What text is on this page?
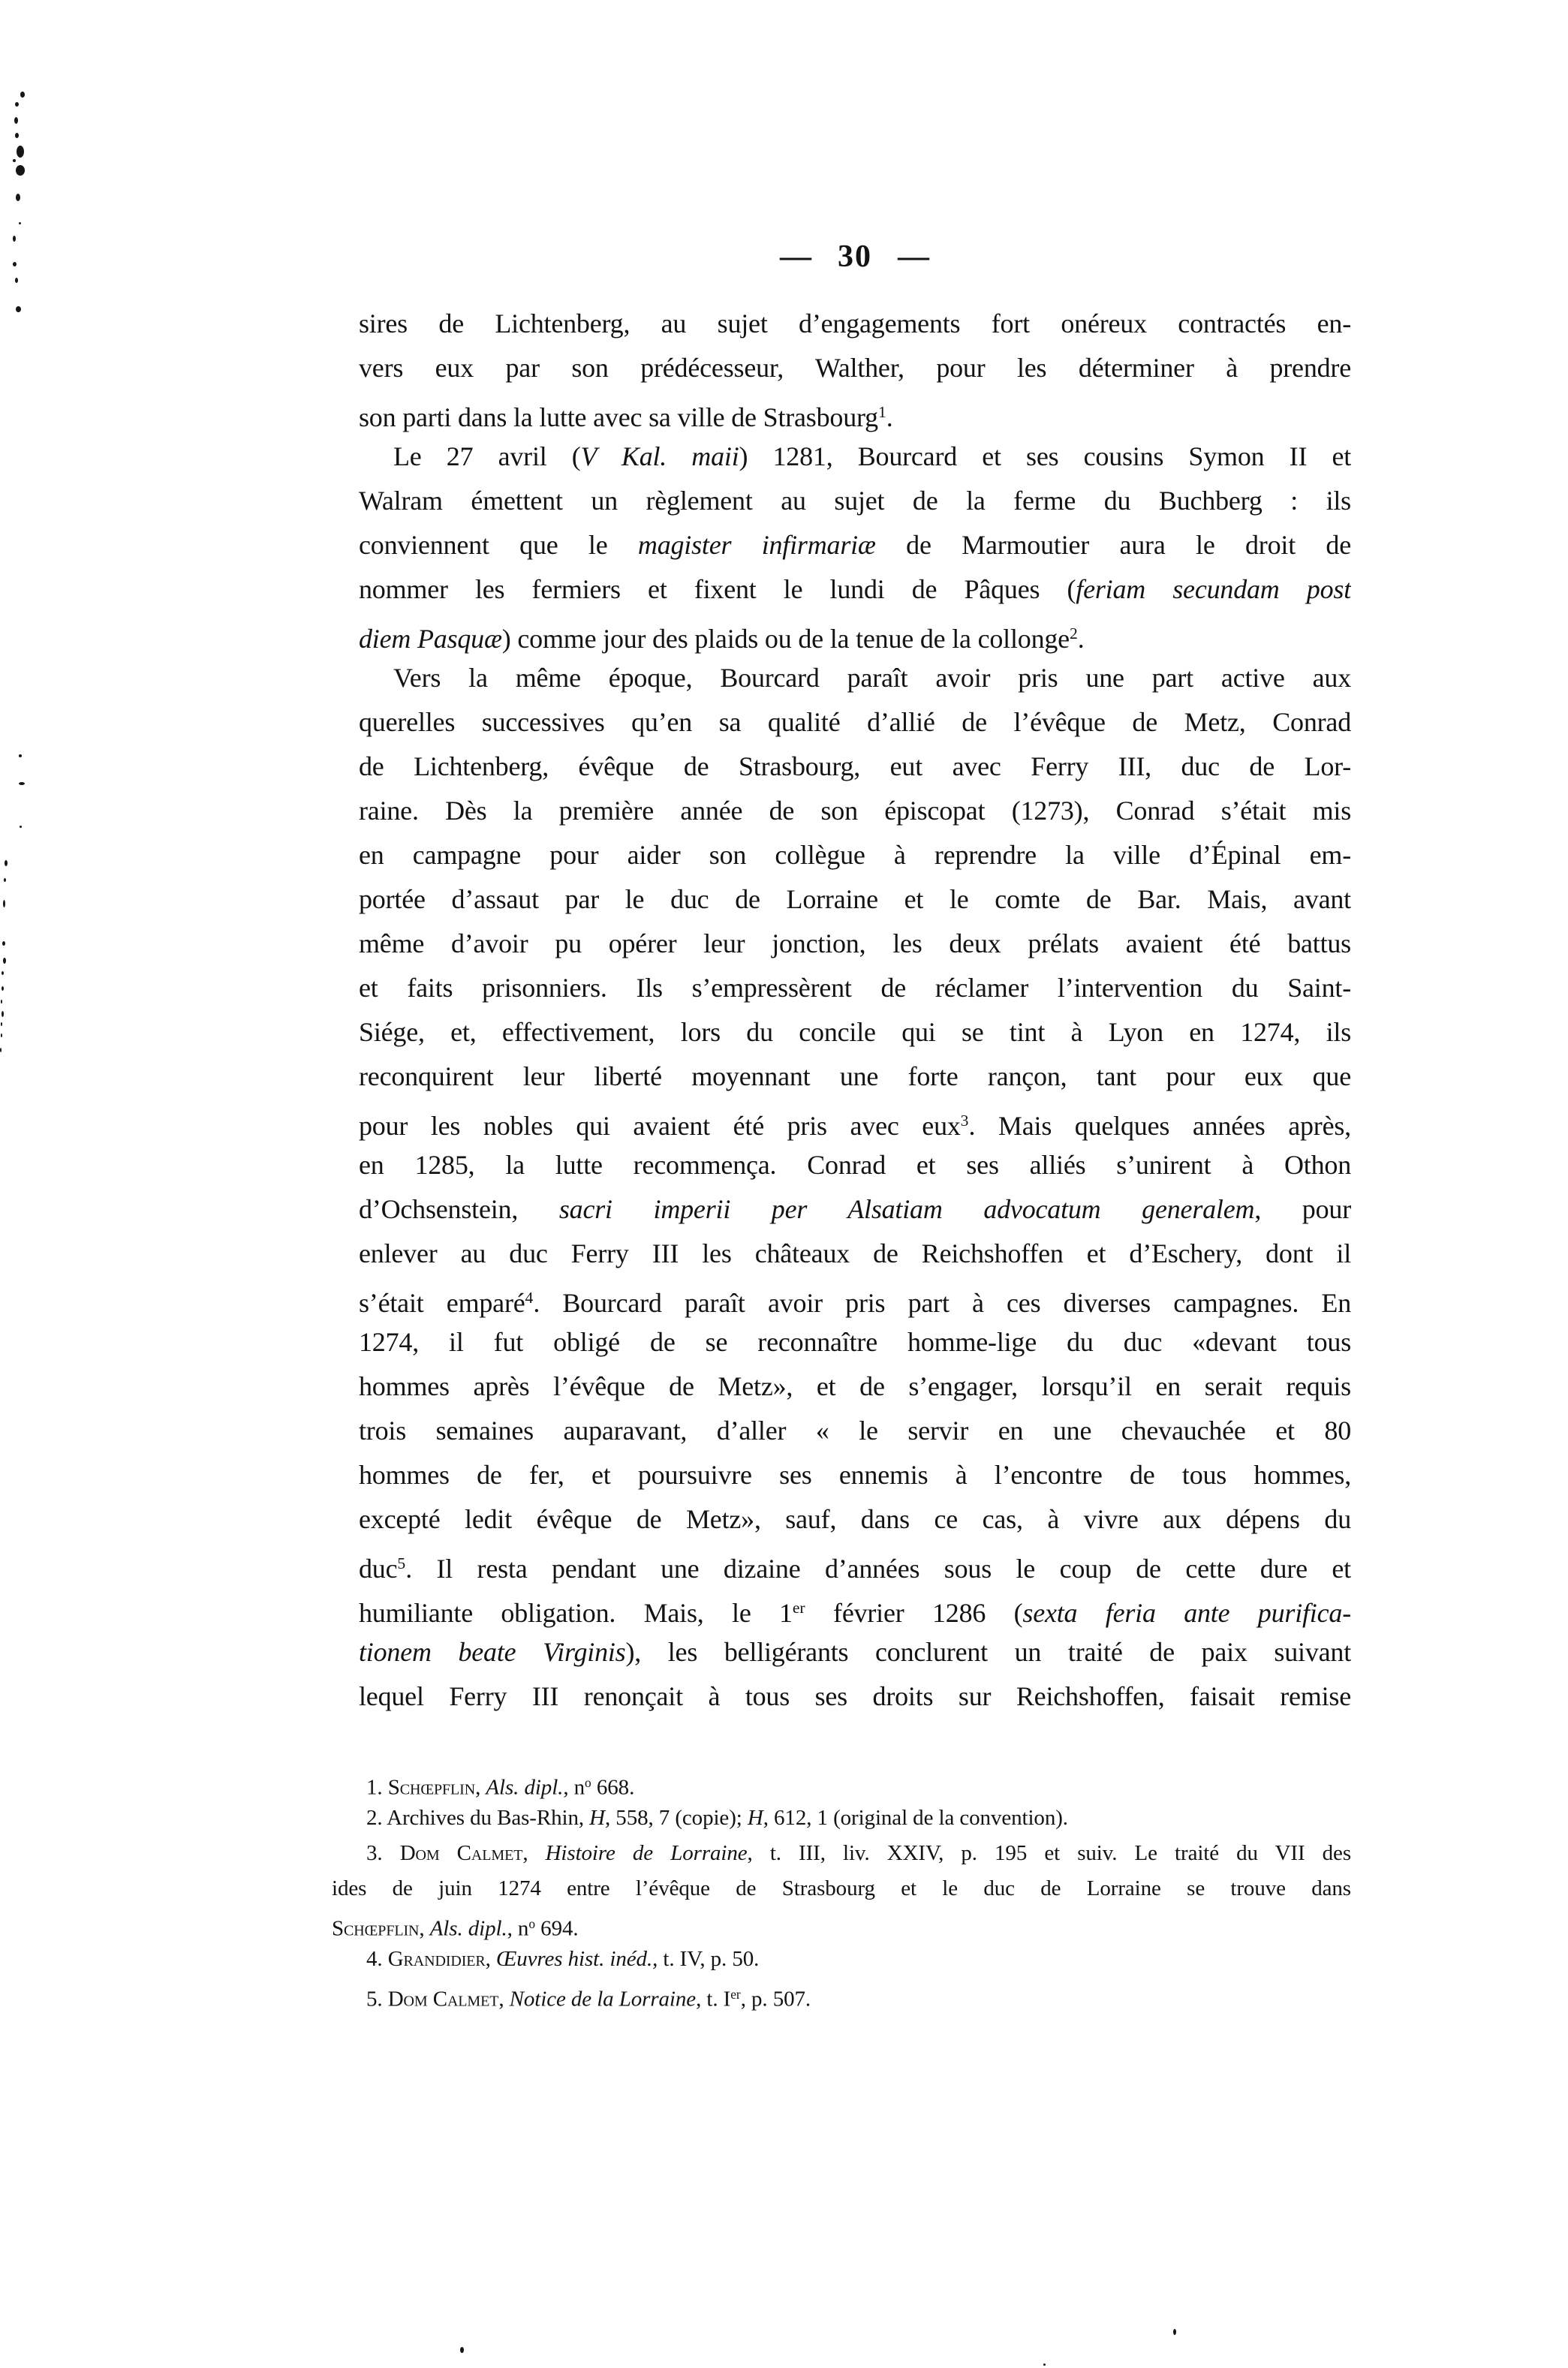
— 30 —
sires de Lichtenberg, au sujet d’engagements fort onéreux contractés en-
vers eux par son prédécesseur, Walther, pour les déterminer à prendre
son parti dans la lutte avec sa ville de Strasbourg$^1$.
Le 27 avril (V Kal. maii) 1281, Bourcard et ses cousins Symon II et
Walram émettent un règlement au sujet de la ferme du Buchberg : ils
conviennent que le magister infirmariæ de Marmoutier aura le droit de
nommer les fermiers et fixent le lundi de Pâques (feriam secundam post
diem Pasquæ) comme jour des plaids ou de la tenue de la collonge$^2$.
Vers la même époque, Bourcard paraît avoir pris une part active aux
querelles successives qu’en sa qualité d’allié de l’évêque de Metz, Conrad
de Lichtenberg, évêque de Strasbourg, eut avec Ferry III, duc de Lor-
raine. Dès la première année de son épiscopat (1273), Conrad s’était mis
en campagne pour aider son collègue à reprendre la ville d’Épinal em-
portée d’assaut par le duc de Lorraine et le comte de Bar. Mais, avant
même d’avoir pu opérer leur jonction, les deux prélats avaient été battus
et faits prisonniers. Ils s’empressèrent de réclamer l’intervention du Saint-
Siége, et, effectivement, lors du concile qui se tint à Lyon en 1274, ils
reconquirent leur liberté moyennant une forte rançon, tant pour eux que
pour les nobles qui avaient été pris avec eux$^3$. Mais quelques années après,
en 1285, la lutte recommença. Conrad et ses alliés s’unirent à Othon
d’Ochsenstein, sacri imperii per Alsatiam advocatum generalem, pour
enlever au duc Ferry III les châteaux de Reichshoffen et d’Eschery, dont il
s’était emparé$^4$. Bourcard paraît avoir pris part à ces diverses campagnes. En
1274, il fut obligé de se reconnaître homme-lige du duc «devant tous
hommes après l’évêque de Metz», et de s’engager, lorsqu’il en serait requis
trois semaines auparavant, d’aller « le servir en une chevauchée et 80
hommes de fer, et poursuivre ses ennemis à l’encontre de tous hommes,
excepté ledit évêque de Metz», sauf, dans ce cas, à vivre aux dépens du
duc$^5$. Il resta pendant une dizaine d’années sous le coup de cette dure et
humiliante obligation. Mais, le 1er février 1286 (sexta feria ante purifica-
tionem beate Virginis), les belligérants conclurent un traité de paix suivant
lequel Ferry III renonçait à tous ses droits sur Reichshoffen, faisait remise
1. Schœpflin, Als. dipl., $n^o$ 668.
2. Archives du Bas-Rhin, H, 558, 7 (copie); H, 612, 1 (original de la convention).
3. Dom Calmet, Histoire de Lorraine, t. III, liv. XXIV, p. 195 et suiv. Le traité du VII des
ides de juin 1274 entre l’évêque de Strasbourg et le duc de Lorraine se trouve dans
Schœpflin, Als. dipl., $n^o$ 694.
4. Grandidier, Œuvres hist. inéd., t. IV, p. 50.
5. Dom Calmet, Notice de la Lorraine, t. Ier, p. 507.
